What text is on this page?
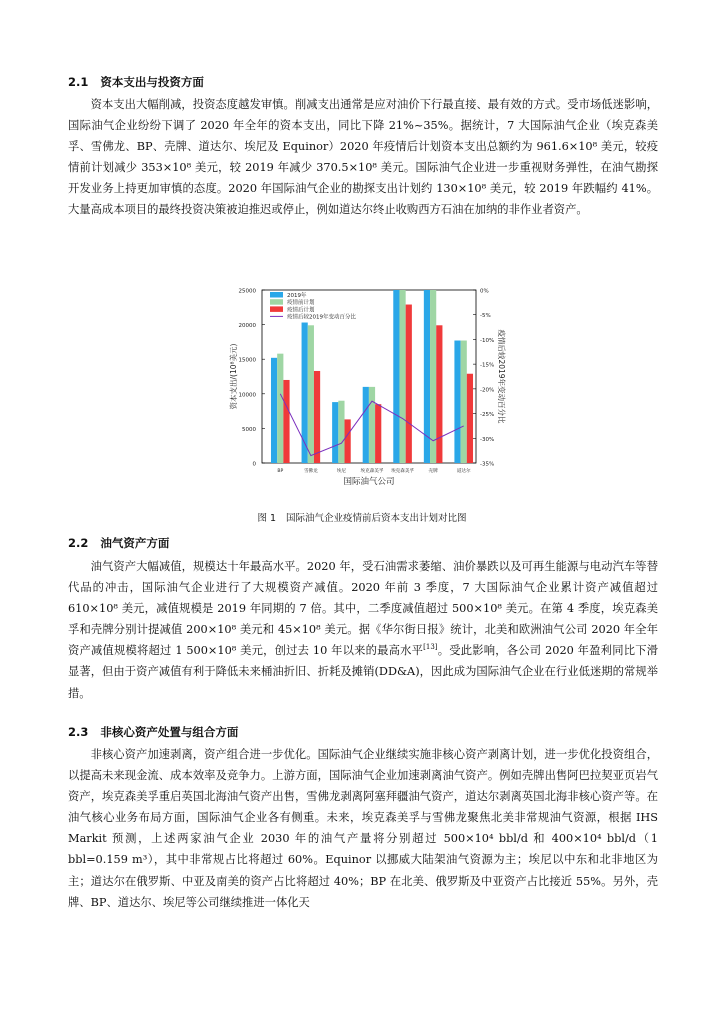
2.1 资本支出与投资方面

资本支出大幅削减，投资态度越发审慎。削减支出通常是应对油价下行最直接、最有效的方式。受市场低迷影响，国际油气企业纷纷下调了 2020 年全年的资本支出，同比下降 21%~35%。据统计，7 大国际油气企业（埃克森美孚、雪佛龙、BP、壳牌、道达尔、埃尼及 Equinor）2020 年疫情后计划资本支出总额约为 961.6×10⁸ 美元，较疫情前计划减少 353×10⁸ 美元，较 2019 年减少 370.5×10⁸ 美元。国际油气企业进一步重视财务弹性，在油气勘探开发业务上持更加审慎的态度。2020 年国际油气企业的勘探支出计划约 130×10⁸ 美元，较 2019 年跌幅约 41%。大量高成本项目的最终投资决策被迫推迟或停止，例如道达尔终止收购西方石油在加纳的非作业者资产。

0
5000
10000
15000
20000
25000	0%
-5%
-10%
-15%
-20%
-25%
-30%
-35%
资本支出/(10⁸美元)	疫情后较2019年变动百分比
国际油气公司
BP	雪佛龙	埃尼	埃克森美孚 埃克森美孚	壳牌	道达尔
2019年
疫情前计划
疫情后计划
疫情后较2019年变动百分比
图 1 国际油气企业疫情前后资本支出计划对比图
2.2 油气资产方面

油气资产大幅减值，规模达十年最高水平。2020 年，受石油需求萎缩、油价暴跌以及可再生能源与电动汽车等替代品的冲击，国际油气企业进行了大规模资产减值。2020 年前 3 季度，7 大国际油气企业累计资产减值超过 610×10⁸ 美元，减值规模是 2019 年同期的 7 倍。其中，二季度减值超过 500×10⁸ 美元。在第 4 季度，埃克森美孚和壳牌分别计提减值 200×10⁸ 美元和 45×10⁸ 美元。据《华尔街日报》统计，北美和欧洲油气公司 2020 年全年资产减值规模将超过 1 500×10⁸ 美元，创过去 10 年以来的最高水平[13]。受此影响，各公司 2020 年盈利同比下滑显著，但由于资产减值有利于降低未来桶油折旧、折耗及摊销(DD&A)，因此成为国际油气企业在行业低迷期的常规举措。

2.3 非核心资产处置与组合方面

非核心资产加速剥离，资产组合进一步优化。国际油气企业继续实施非核心资产剥离计划，进一步优化投资组合，以提高未来现金流、成本效率及竞争力。上游方面，国际油气企业加速剥离油气资产。例如壳牌出售阿巴拉契亚页岩气资产，埃克森美孚重启英国北海油气资产出售，雪佛龙剥离阿塞拜疆油气资产，道达尔剥离英国北海非核心资产等。在油气核心业务布局方面，国际油气企业各有侧重。未来，埃克森美孚与雪佛龙聚焦北美非常规油气资源，根据 IHS Markit 预测，上述两家油气企业 2030 年的油气产量将分别超过 500×10⁴ bbl/d 和 400×10⁴ bbl/d（1 bbl=0.159 m³），其中非常规占比将超过 60%。Equinor 以挪威大陆架油气资源为主；埃尼以中东和北非地区为主；道达尔在俄罗斯、中亚及南美的资产占比将超过 40%；BP 在北美、俄罗斯及中亚资产占比接近 55%。另外，壳牌、BP、道达尔、埃尼等公司继续推进一体化天
